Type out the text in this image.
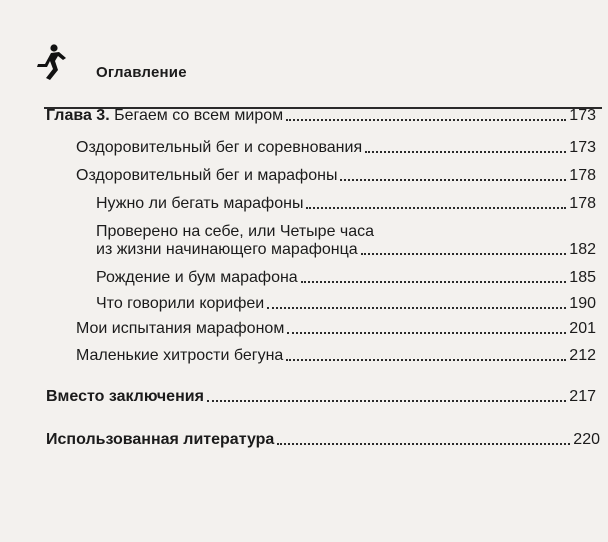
Оглавление
Глава 3. Бегаем со всем миром	173
Оздоровительный бег и соревнования	173
Оздоровительный бег и марафоны	178
Нужно ли бегать марафоны	178
Проверено на себе, или Четыре часа
из жизни начинающего марафонца	182
Рождение и бум марафона	185
Что говорили корифеи	190
Мои испытания марафоном	201
Маленькие хитрости бегуна	212
Вместо заключения	217
Использованная литература	220
